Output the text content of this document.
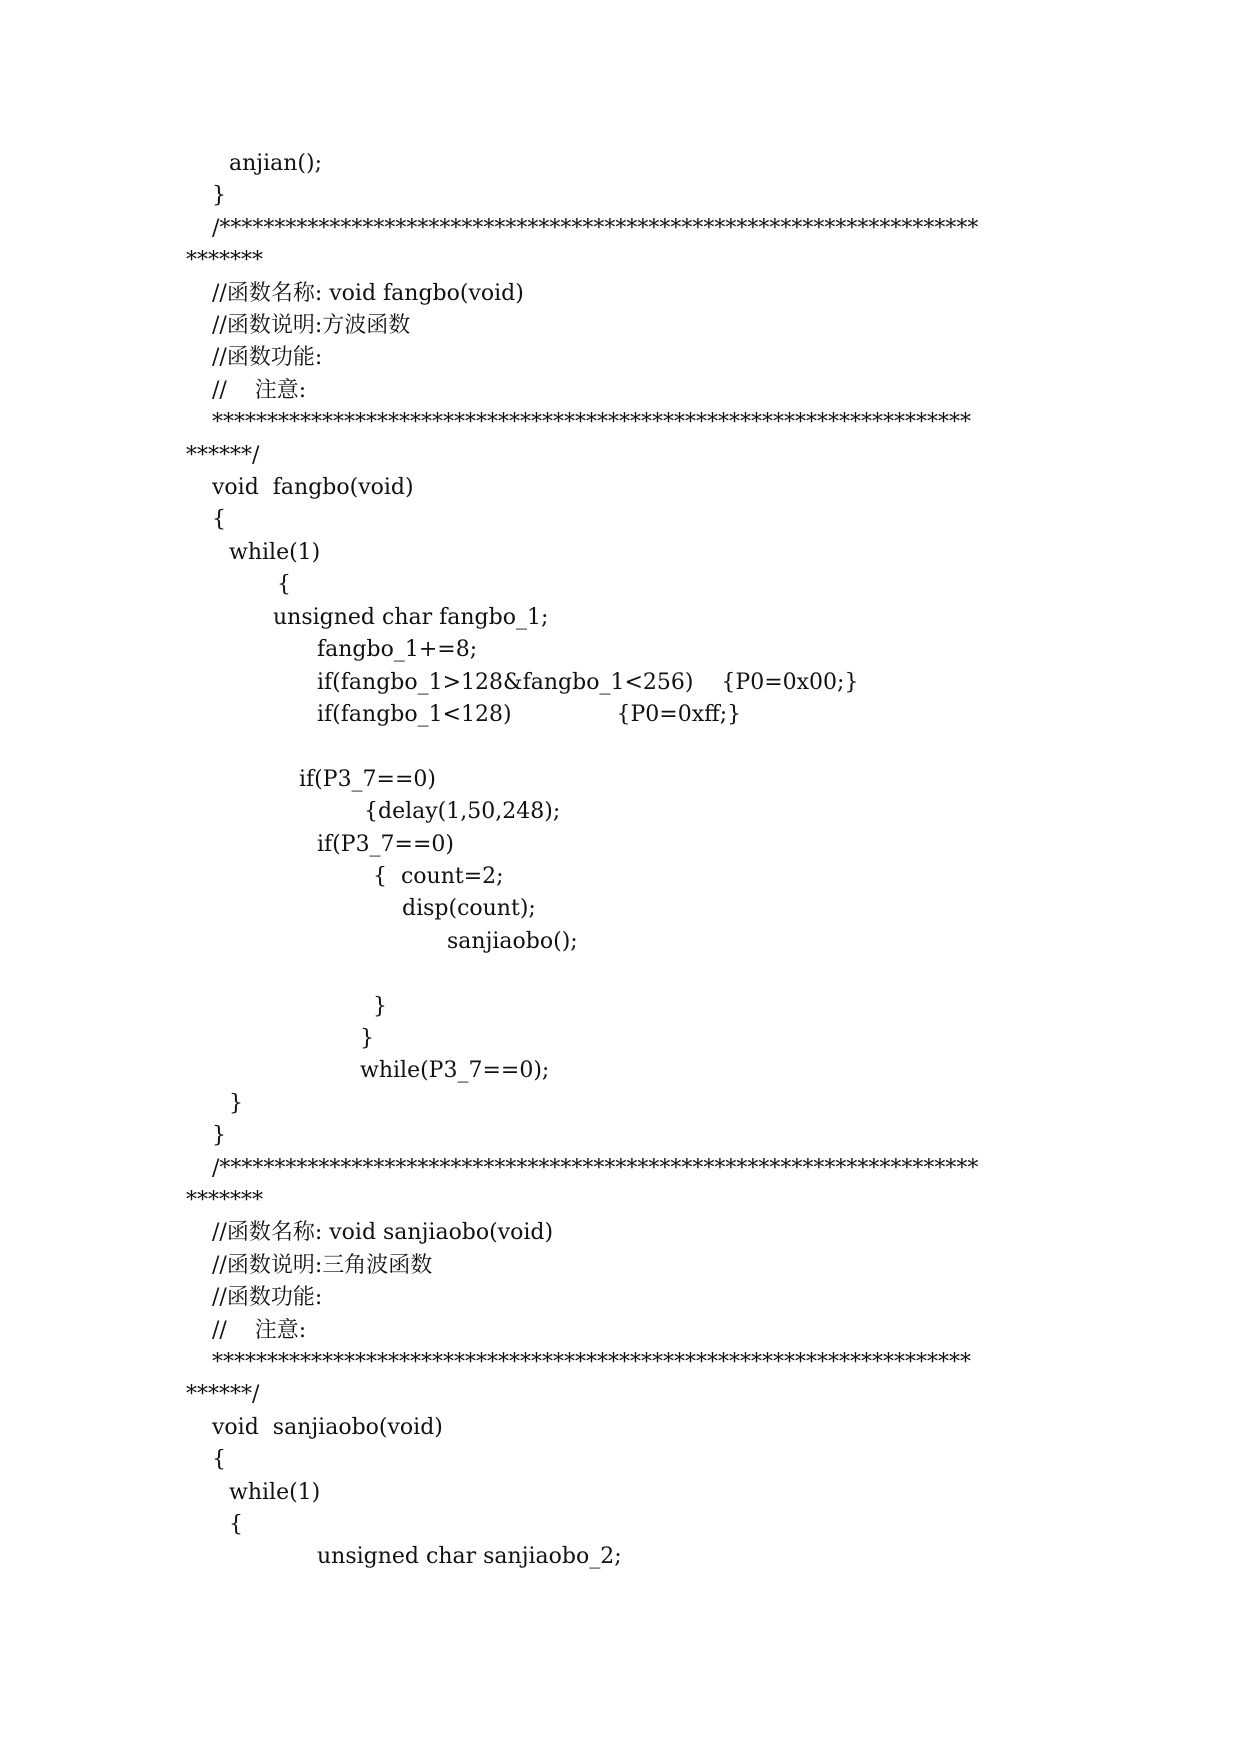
anjian();
}
/*********************************************************************
*******
//函数名称: void fangbo(void)
//函数说明:方波函数
//函数功能:
//    注意:
*********************************************************************
******/
void  fangbo(void)
{
while(1)
{
unsigned char fangbo_1;
fangbo_1+=8;
if(fangbo_1>128&fangbo_1<256)    {P0=0x00;}
if(fangbo_1<128)               {P0=0xff;}
if(P3_7==0)
{delay(1,50,248);
if(P3_7==0)
{  count=2;
disp(count);
sanjiaobo();
}
}
while(P3_7==0);
}
}
/*********************************************************************
*******
//函数名称: void sanjiaobo(void)
//函数说明:三角波函数
//函数功能:
//    注意:
*********************************************************************
******/
void  sanjiaobo(void)
{
while(1)
{
unsigned char sanjiaobo_2;
